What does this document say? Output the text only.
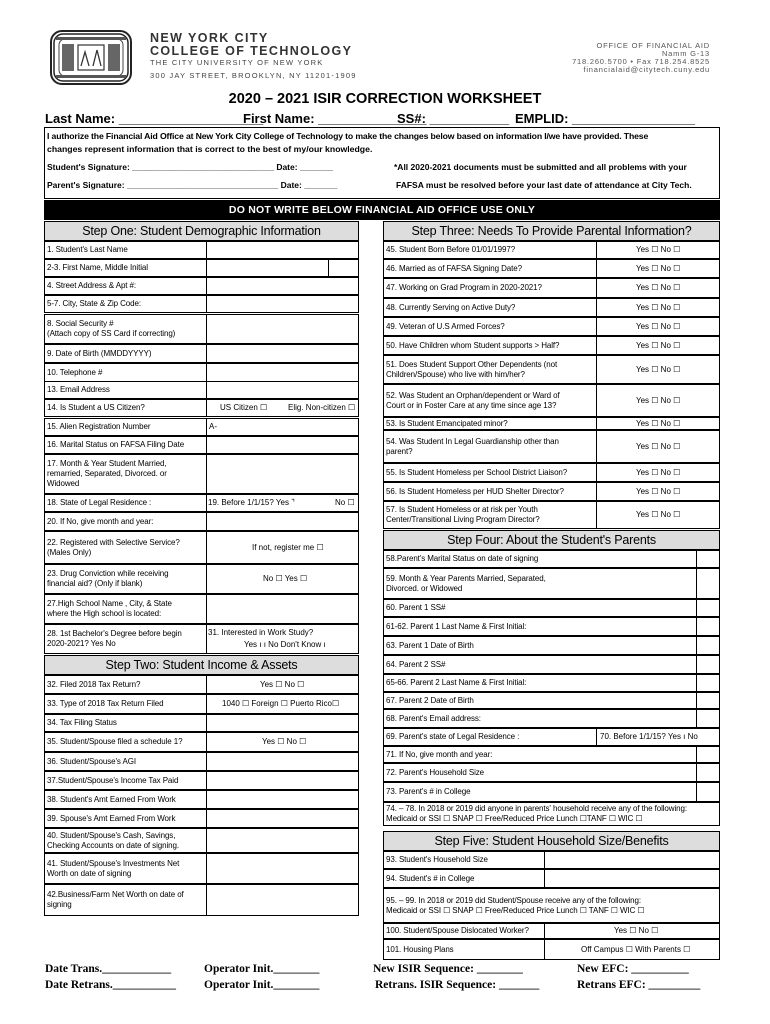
NEW YORK CITY
COLLEGE OF TECHNOLOGY
THE CITY UNIVERSITY OF NEW YORK
300 JAY STREET, BROOKLYN, NY 11201-1909
OFFICE OF FINANCIAL AID
Namm G-13
718.260.5700 • Fax 718.254.8525
financialaid@citytech.cuny.edu
2020 – 2021 ISIR CORRECTION WORKSHEET
Last Name: ____________________
First Name: _______________
SS#: ___________ EMPLID: _________________
I authorize the Financial Aid Office at New York City College of Technology to make the changes below based on information I/we have provided. These
changes represent information that is correct to the best of my/our knowledge.
Student's Signature: ______________________________ Date: _______
Parent's Signature: ________________________________ Date: _______
*All 2020-2021 documents must be submitted and all problems with your
FAFSA must be resolved before your last date of attendance at City Tech.
DO NOT WRITE BELOW FINANCIAL AID OFFICE USE ONLY
Date Trans.____________
Date Retrans.___________
Operator Init.________
Operator Init.________
New ISIR Sequence: ________
Retrans. ISIR Sequence: _______
New EFC: __________
Retrans EFC: _________
Step One: Student Demographic Information
Step Two: Student Income & Assets
Step Three: Needs To Provide Parental Information?
Step Four: About the Student's Parents
Step Five: Student Household Size/Benefits
1. Student's Last Name
2-3. First Name, Middle Initial
4. Street Address & Apt #:
5-7. City, State & Zip Code:
8. Social Security #
(Attach copy of SS Card if correcting)
9. Date of Birth (MMDDYYYY)
10. Telephone #
13. Email Address
14. Is Student a US Citizen?	US Citizen ☐	Elig. Non-citizen ☐
15. Alien Registration Number	A-
16. Marital Status on FAFSA Filing Date
17. Month & Year Student Married,
remarried, Separated, Divorced. or
Widowed
18. State of Legal Residence :	19. Before 1/1/15? Yes ⌝	No ☐
20. If No, give month and year:
22. Registered with Selective Service?
(Males Only)
If not, register me ☐
23. Drug Conviction while receiving
financial aid? (Only if blank)
No ☐ Yes ☐
27.High School Name , City, & State
where the High school is located:
28. 1st Bachelor's Degree before begin
2020-2021? Yes No
31. Interested in Work Study?
Yes ı ı No Don't Know ı
32. Filed 2018 Tax Return?	Yes ☐ No ☐
33. Type of 2018 Tax Return Filed	1040 ☐ Foreign ☐ Puerto Rico☐
34. Tax Filing Status
35. Student/Spouse filed a schedule 1?	Yes ☐ No ☐
36. Student/Spouse's AGI
37.Student/Spouse's Income Tax Paid
38. Student's Amt Earned From Work
39. Spouse's Amt Earned From Work
40. Student/Spouse's Cash, Savings,
Checking Accounts on date of signing.
41. Student/Spouse's Investments Net
Worth on date of signing
42.Business/Farm Net Worth on date of
signing
45. Student Born Before 01/01/1997?	Yes ☐ No ☐
46. Married as of FAFSA Signing Date?	Yes ☐ No ☐
47. Working on Grad Program in 2020-2021?	Yes ☐ No ☐
48. Currently Serving on Active Duty?	Yes ☐ No ☐
49. Veteran of U.S Armed Forces?	Yes ☐ No ☐
50. Have Children whom Student supports > Half?	Yes ☐ No ☐
51. Does Student Support Other Dependents (not
Children/Spouse) who live with him/her?
Yes ☐ No ☐
52. Was Student an Orphan/dependent or Ward of
Court or in Foster Care at any time since age 13?
Yes ☐ No ☐
53. Is Student Emancipated minor?	Yes ☐ No ☐
54. Was Student In Legal Guardianship other than
parent?
Yes ☐ No ☐
55. Is Student Homeless per School District Liaison?	Yes ☐ No ☐
56. Is Student Homeless per HUD Shelter Director?	Yes ☐ No ☐
57. Is Student Homeless or at risk per Youth
Center/Transitional Living Program Director?
Yes ☐ No ☐
58.Parent's Marital Status on date of signing
59. Month & Year Parents Married, Separated,
Divorced. or Widowed
60. Parent 1 SS#
61-62. Parent 1 Last Name & First Initial:
63. Parent 1 Date of Birth
64. Parent 2 SS#
65-66. Parent 2 Last Name & First Initial:
67. Parent 2 Date of Birth
68. Parent's Email address:
69. Parent's state of Legal Residence :	70. Before 1/1/15? Yes ı No
71. If No, give month and year:
72. Parent's Household Size
73. Parent's # in College
74. – 78. In 2018 or 2019 did anyone in parents' household receive any of the following:
Medicaid or SSI ☐ SNAP ☐ Free/Reduced Price Lunch ☐TANF ☐ WIC ☐
93. Student's Household Size
94. Student's # in College
95. – 99. In 2018 or 2019 did Student/Spouse receive any of the following:
Medicaid or SSI ☐ SNAP ☐ Free/Reduced Price Lunch ☐ TANF ☐ WIC ☐
100. Student/Spouse Dislocated Worker?	Yes ☐ No ☐
101. Housing Plans	Off Campus ☐ With Parents ☐
